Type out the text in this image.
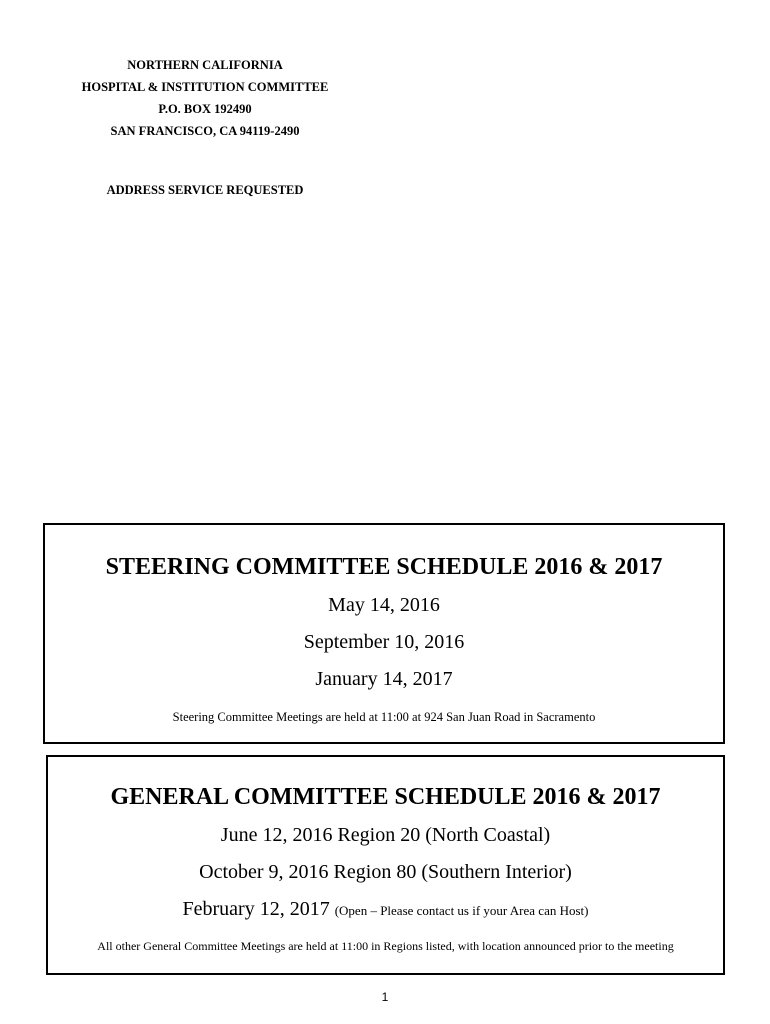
NORTHERN CALIFORNIA
HOSPITAL & INSTITUTION COMMITTEE
P.O. BOX 192490
SAN FRANCISCO, CA 94119-2490
ADDRESS SERVICE REQUESTED
STEERING COMMITTEE SCHEDULE 2016 & 2017
May 14, 2016
September 10, 2016
January 14, 2017
Steering Committee Meetings are held at 11:00 at 924 San Juan Road in Sacramento
GENERAL COMMITTEE SCHEDULE 2016 & 2017
June 12, 2016 Region 20 (North Coastal)
October 9, 2016 Region 80 (Southern Interior)
February 12, 2017 (Open – Please contact us if your Area can Host)
All other General Committee Meetings are held at 11:00 in Regions listed, with location announced prior to the meeting
1
